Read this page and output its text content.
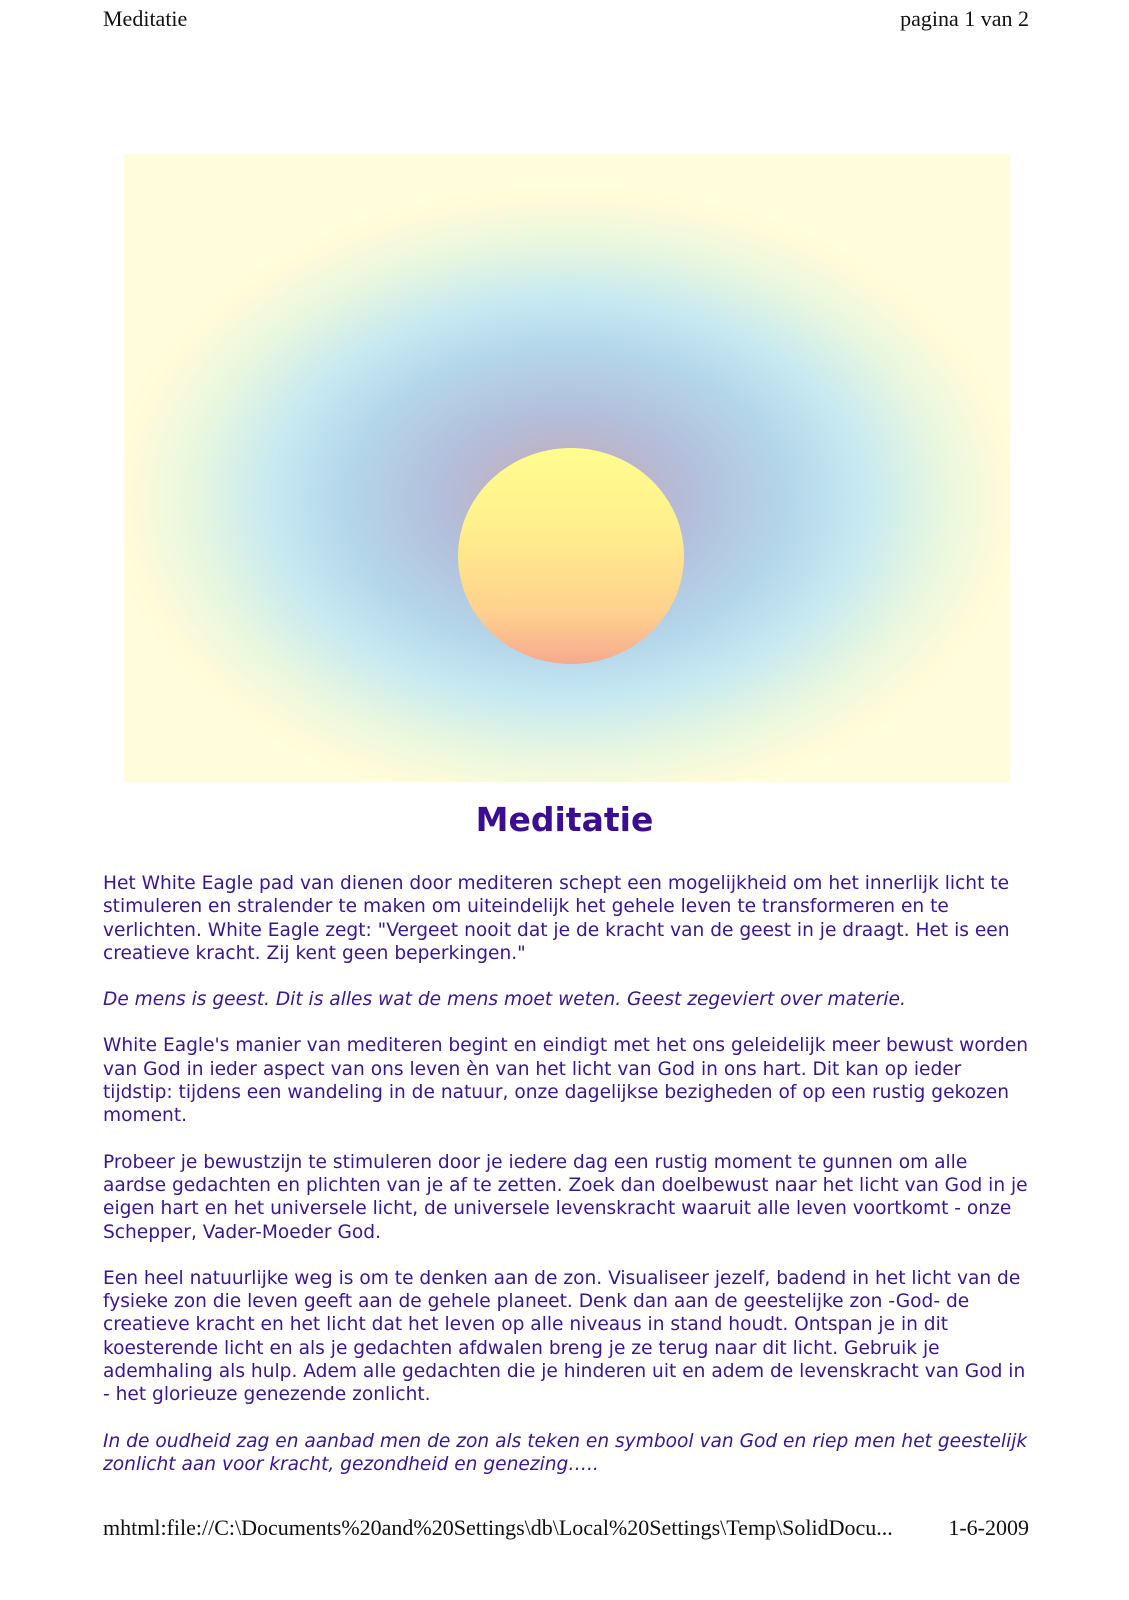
Meditatie	pagina 1 van 2
Meditatie

Het White Eagle pad van dienen door mediteren schept een mogelijkheid om het innerlijk licht te stimuleren en stralender te maken om uiteindelijk het gehele leven te transformeren en te verlichten. White Eagle zegt: "Vergeet nooit dat je de kracht van de geest in je draagt. Het is een creatieve kracht. Zij kent geen beperkingen."

De mens is geest. Dit is alles wat de mens moet weten. Geest zegeviert over materie.

White Eagle's manier van mediteren begint en eindigt met het ons geleidelijk meer bewust worden van God in ieder aspect van ons leven èn van het licht van God in ons hart. Dit kan op ieder tijdstip: tijdens een wandeling in de natuur, onze dagelijkse bezigheden of op een rustig gekozen moment.

Probeer je bewustzijn te stimuleren door je iedere dag een rustig moment te gunnen om alle aardse gedachten en plichten van je af te zetten. Zoek dan doelbewust naar het licht van God in je eigen hart en het universele licht, de universele levenskracht waaruit alle leven voortkomt - onze Schepper, Vader-Moeder God.

Een heel natuurlijke weg is om te denken aan de zon. Visualiseer jezelf, badend in het licht van de fysieke zon die leven geeft aan de gehele planeet. Denk dan aan de geestelijke zon -God- de creatieve kracht en het licht dat het leven op alle niveaus in stand houdt. Ontspan je in dit koesterende licht en als je gedachten afdwalen breng je ze terug naar dit licht. Gebruik je ademhaling als hulp. Adem alle gedachten die je hinderen uit en adem de levenskracht van God in - het glorieuze genezende zonlicht.

In de oudheid zag en aanbad men de zon als teken en symbool van God en riep men het geestelijk zonlicht aan voor kracht, gezondheid en genezing…..

mhtml:file://C:\Documents%20and%20Settings\db\Local%20Settings\Temp\SolidDocu...	1-6-2009
